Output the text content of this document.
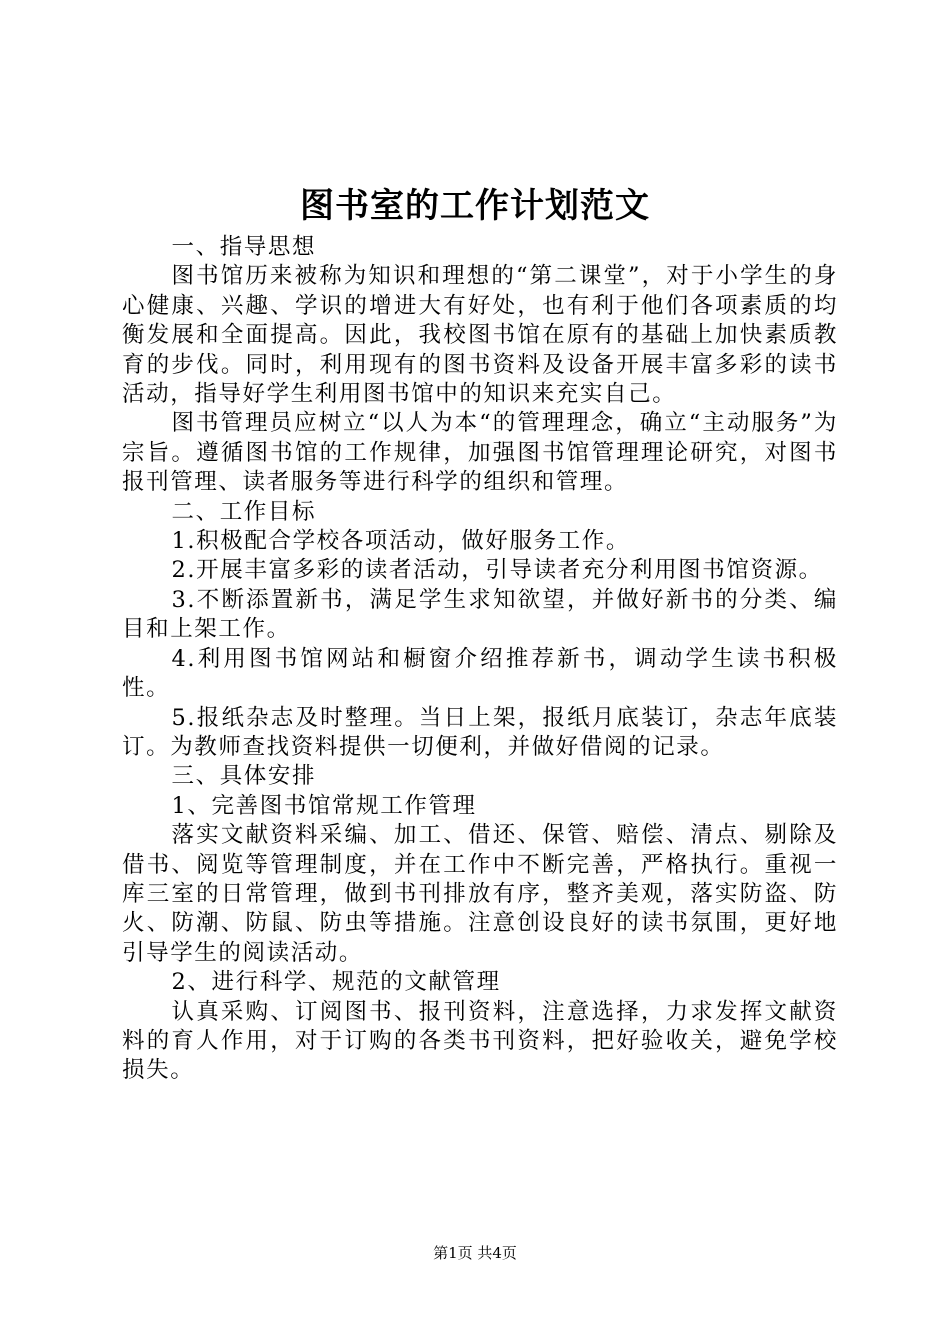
图书室的工作计划范文

一、指导思想

图书馆历来被称为知识和理想的“第二课堂”，对于小学生的身心健康、兴趣、学识的增进大有好处，也有利于他们各项素质的均衡发展和全面提高。因此，我校图书馆在原有的基础上加快素质教育的步伐。同时，利用现有的图书资料及设备开展丰富多彩的读书活动，指导好学生利用图书馆中的知识来充实自己。

图书管理员应树立“以人为本“的管理理念，确立“主动服务”为宗旨。遵循图书馆的工作规律，加强图书馆管理理论研究，对图书报刊管理、读者服务等进行科学的组织和管理。

二、工作目标

1.积极配合学校各项活动，做好服务工作。

2.开展丰富多彩的读者活动，引导读者充分利用图书馆资源。

3.不断添置新书，满足学生求知欲望，并做好新书的分类、编目和上架工作。

4.利用图书馆网站和橱窗介绍推荐新书，调动学生读书积极性。

5.报纸杂志及时整理。当日上架，报纸月底装订，杂志年底装订。为教师查找资料提供一切便利，并做好借阅的记录。

三、具体安排

1、完善图书馆常规工作管理

落实文献资料采编、加工、借还、保管、赔偿、清点、剔除及借书、阅览等管理制度，并在工作中不断完善，严格执行。重视一库三室的日常管理，做到书刊排放有序，整齐美观，落实防盗、防火、防潮、防鼠、防虫等措施。注意创设良好的读书氛围，更好地引导学生的阅读活动。

2、进行科学、规范的文献管理

认真采购、订阅图书、报刊资料，注意选择，力求发挥文献资料的育人作用，对于订购的各类书刊资料，把好验收关，避免学校损失。

第1页 共4页
